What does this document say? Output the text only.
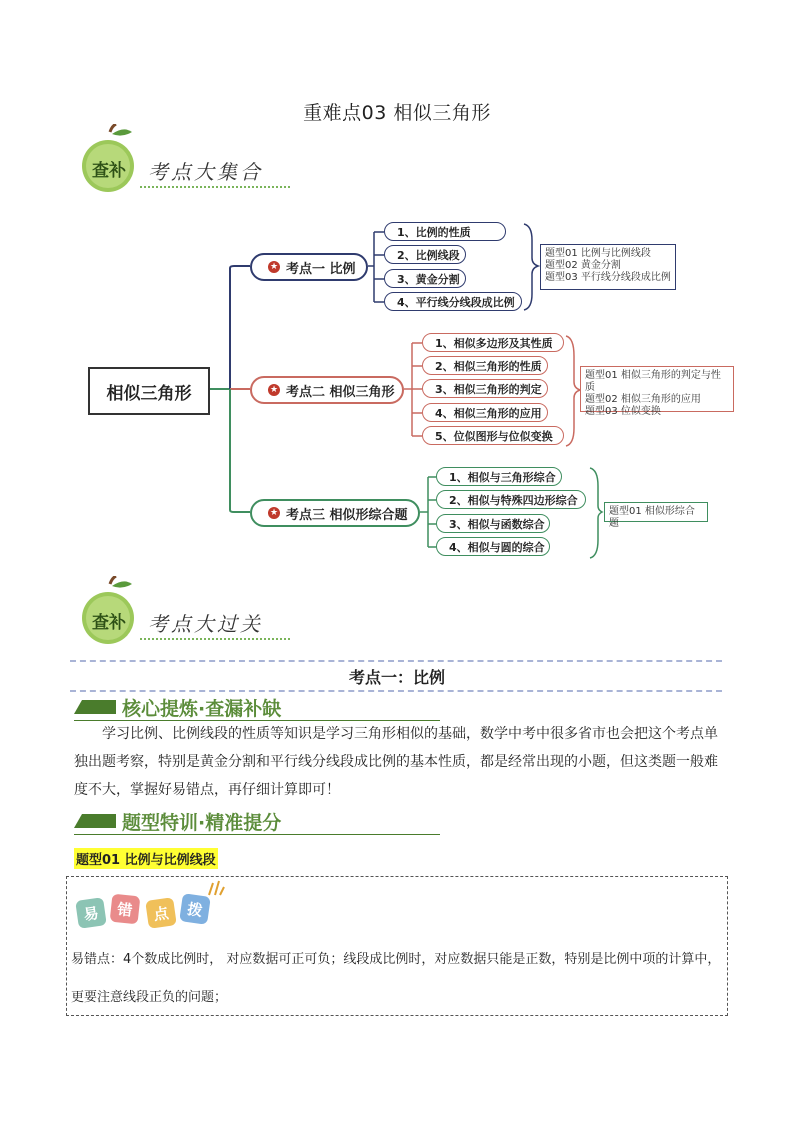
重难点03 相似三角形
查补	考点大集合
相似三角形
★ 考点一 比例
1、比例的性质
2、比例线段
3、黄金分割
4、平行线分线段成比例
题型01 比例与比例线段
题型02 黄金分割
题型03 平行线分线段成比例
★ 考点二 相似三角形
1、相似多边形及其性质
2、相似三角形的性质
3、相似三角形的判定
4、相似三角形的应用
5、位似图形与位似变换
题型01 相似三角形的判定与性质
题型02 相似三角形的应用
题型03 位似变换
★ 考点三 相似形综合题
1、相似与三角形综合
2、相似与特殊四边形综合
3、相似与函数综合
4、相似与圆的综合
题型01 相似形综合题
查补	考点大过关
考点一：比例
核心提炼·查漏补缺
学习比例、比例线段的性质等知识是学习三角形相似的基础，数学中考中很多省市也会把这个考点单独出题考察，特别是黄金分割和平行线分线段成比例的基本性质，都是经常出现的小题，但这类题一般难度不大，掌握好易错点，再仔细计算即可！
题型特训·精准提分
题型01 比例与比例线段
易	错	点	拨
易错点：4个数成比例时， 对应数据可正可负；线段成比例时，对应数据只能是正数，特别是比例中项的计算中，更要注意线段正负的问题；
